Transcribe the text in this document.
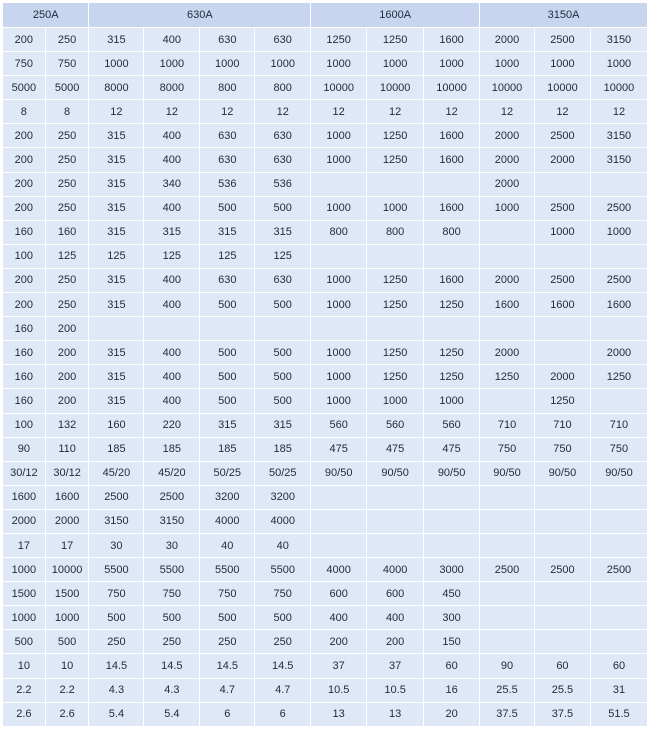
250A		630A				1600A			3150A		
200	250	315	400	630	630	1250	1250	1600	2000	2500	3150
750	750	1000	1000	1000	1000	1000	1000	1000	1000	1000	1000
5000	5000	8000	8000	800	800	10000	10000	10000	10000	10000	10000
8	8	12	12	12	12	12	12	12	12	12	12
200	250	315	400	630	630	1000	1250	1600	2000	2500	3150
200	250	315	400	630	630	1000	1250	1600	2000	2000	3150
200	250	315	340	536	536				2000		
200	250	315	400	500	500	1000	1000	1600	1000	2500	2500
160	160	315	315	315	315	800	800	800		1000	1000
100	125	125	125	125	125						
200	250	315	400	630	630	1000	1250	1600	2000	2500	2500
200	250	315	400	500	500	1000	1250	1250	1600	1600	1600
160	200										
160	200	315	400	500	500	1000	1250	1250	2000		2000
160	200	315	400	500	500	1000	1250	1250	1250	2000	1250
160	200	315	400	500	500	1000	1000	1000		1250	
100	132	160	220	315	315	560	560	560	710	710	710
90	110	185	185	185	185	475	475	475	750	750	750
30/12	30/12	45/20	45/20	50/25	50/25	90/50	90/50	90/50	90/50	90/50	90/50
1600	1600	2500	2500	3200	3200						
2000	2000	3150	3150	4000	4000						
17	17	30	30	40	40						
1000	10000	5500	5500	5500	5500	4000	4000	3000	2500	2500	2500
1500	1500	750	750	750	750	600	600	450			
1000	1000	500	500	500	500	400	400	300			
500	500	250	250	250	250	200	200	150			
10	10	14.5	14.5	14.5	14.5	37	37	60	90	60	60
2.2	2.2	4.3	4.3	4.7	4.7	10.5	10.5	16	25.5	25.5	31
2.6	2.6	5.4	5.4	6	6	13	13	20	37.5	37.5	51.5
